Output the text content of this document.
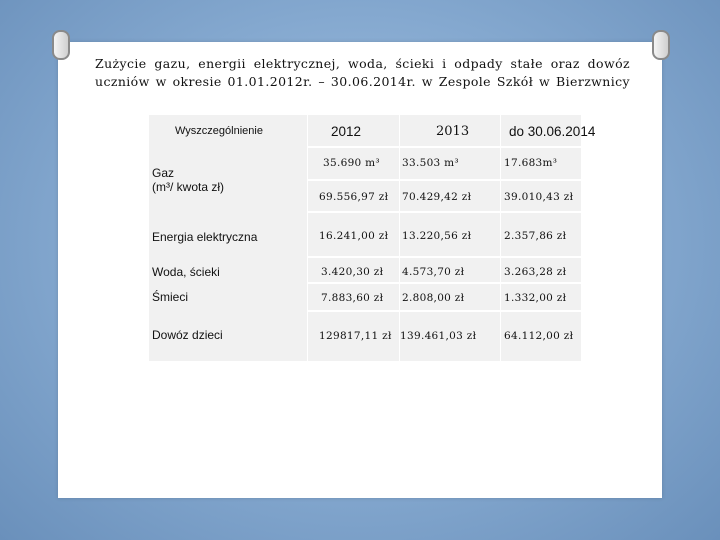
Zużycie gazu, energii elektrycznej, woda, ścieki i odpady stałe oraz dowóz
uczniów w okresie 01.01.2012r. – 30.06.2014r. w Zespole Szkół w Bierzwnicy
Wyszczególnienie	2012	2013	do 30.06.2014
Gaz
(m³/ kwota zł)
35.690 m³ 33.503 m³	17.683m³
69.556,97 zł 70.429,42 zł	39.010,43 zł
Energia elektryczna	16.241,00 zł 13.220,56 zł	2.357,86 zł
Woda, ścieki	3.420,30 zł 4.573,70 zł	3.263,28 zł
Śmieci	7.883,60 zł 2.808,00 zł	1.332,00 zł
Dowóz dzieci	129817,11 zł 139.461,03 zł	64.112,00 zł
